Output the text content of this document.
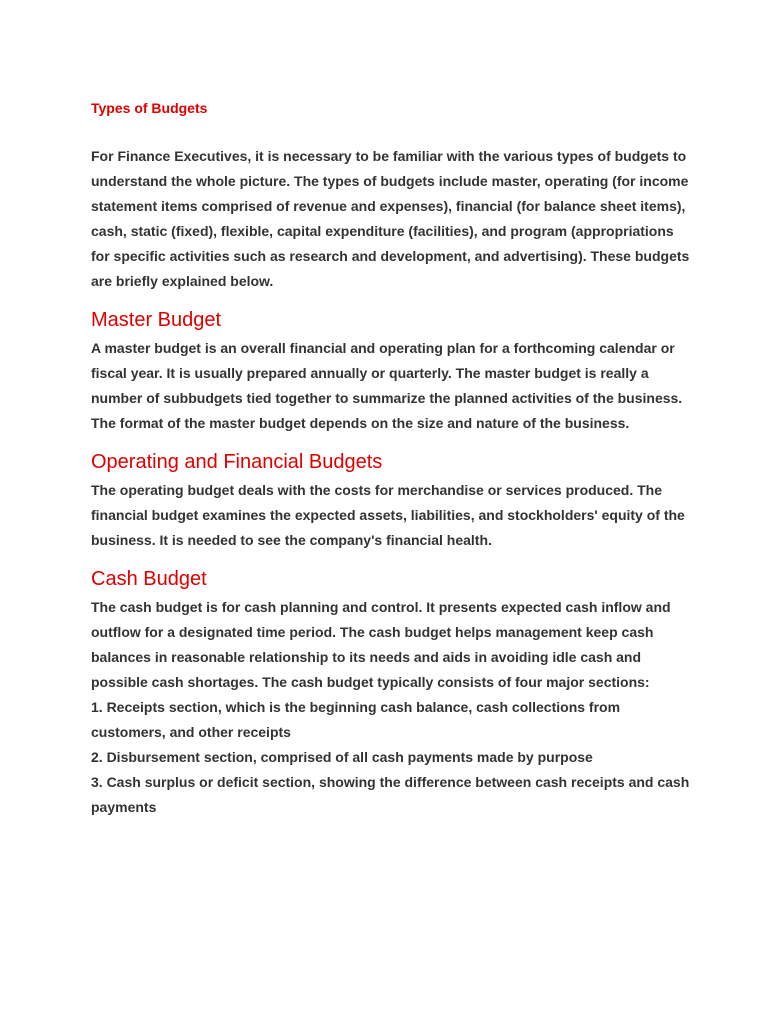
Types of Budgets

For Finance Executives, it is necessary to be familiar with the various types of budgets to understand the whole picture. The types of budgets include master, operating (for income statement items comprised of revenue and expenses), financial (for balance sheet items), cash, static (fixed), flexible, capital expenditure (facilities), and program (appropriations for specific activities such as research and development, and advertising). These budgets are briefly explained below.

Master Budget

A master budget is an overall financial and operating plan for a forthcoming calendar or fiscal year. It is usually prepared annually or quarterly. The master budget is really a number of subbudgets tied together to summarize the planned activities of the business. The format of the master budget depends on the size and nature of the business.

Operating and Financial Budgets

The operating budget deals with the costs for merchandise or services produced. The financial budget examines the expected assets, liabilities, and stockholders' equity of the business. It is needed to see the company's financial health.

Cash Budget

The cash budget is for cash planning and control. It presents expected cash inflow and outflow for a designated time period. The cash budget helps management keep cash balances in reasonable relationship to its needs and aids in avoiding idle cash and possible cash shortages. The cash budget typically consists of four major sections:

1. Receipts section, which is the beginning cash balance, cash collections from customers, and other receipts
2. Disbursement section, comprised of all cash payments made by purpose
3. Cash surplus or deficit section, showing the difference between cash receipts and cash payments
